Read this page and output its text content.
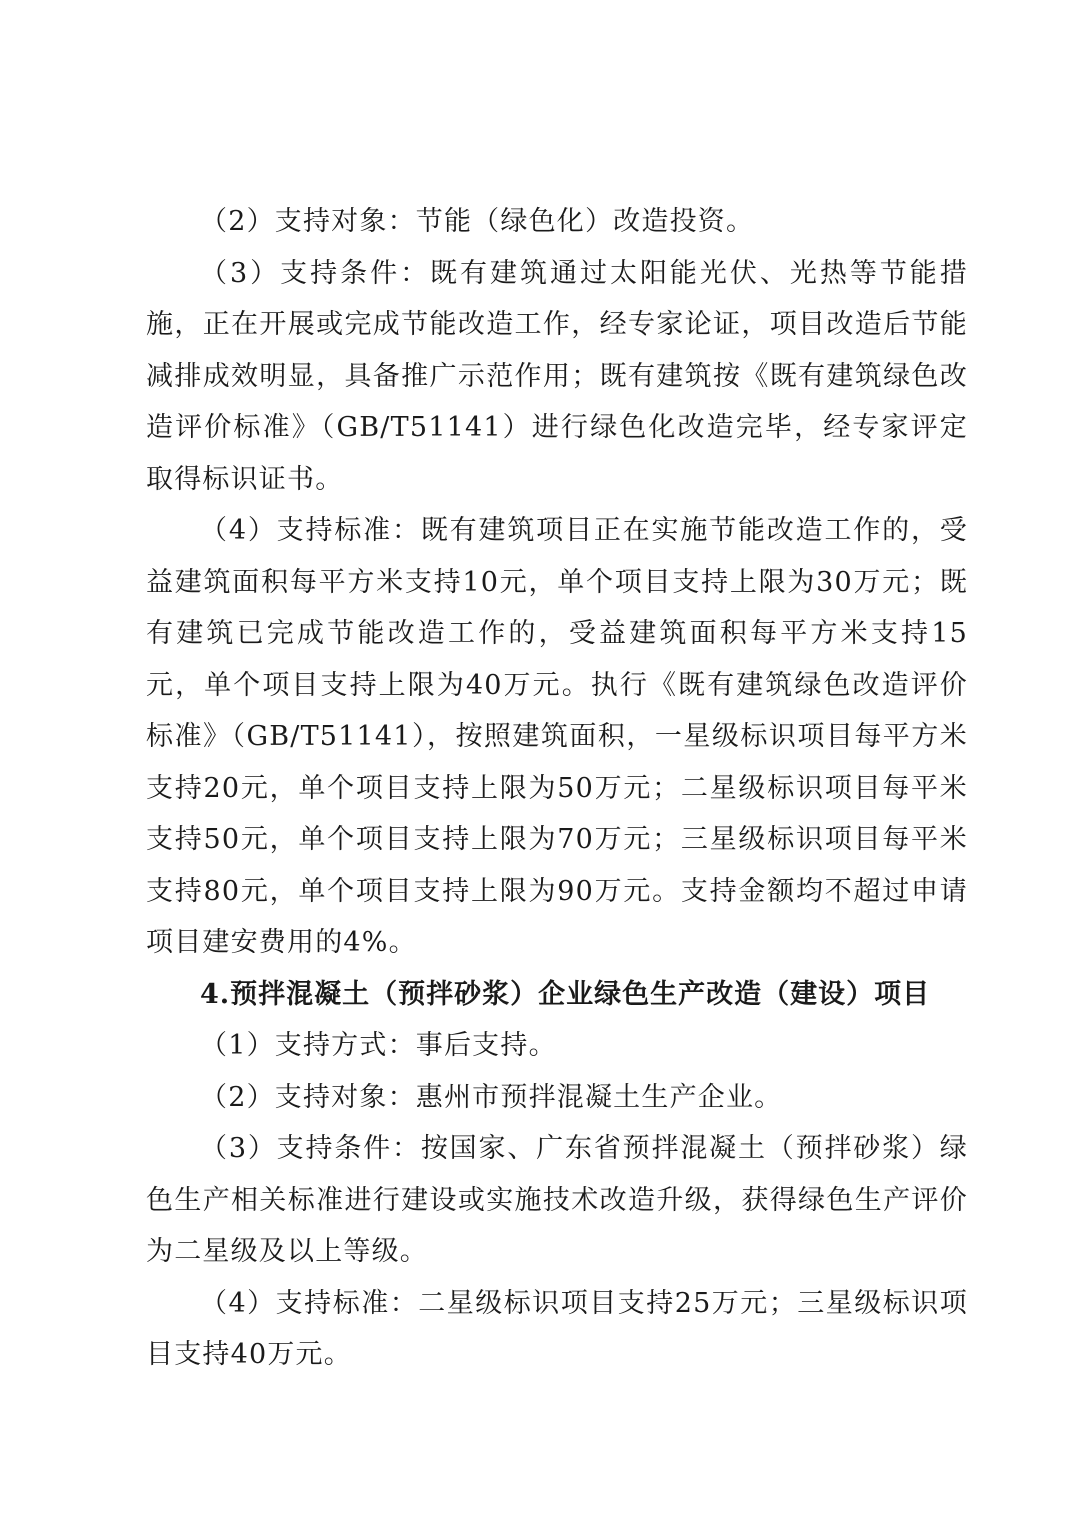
（2）支持对象：节能（绿色化）改造投资。

（3）支持条件：既有建筑通过太阳能光伏、光热等节能措施，正在开展或完成节能改造工作，经专家论证，项目改造后节能减排成效明显，具备推广示范作用；既有建筑按《既有建筑绿色改造评价标准》（GB/T51141）进行绿色化改造完毕，经专家评定取得标识证书。

（4）支持标准：既有建筑项目正在实施节能改造工作的，受益建筑面积每平方米支持10元，单个项目支持上限为30万元；既有建筑已完成节能改造工作的，受益建筑面积每平方米支持15元，单个项目支持上限为40万元。执行《既有建筑绿色改造评价标准》（GB/T51141），按照建筑面积，一星级标识项目每平方米支持20元，单个项目支持上限为50万元；二星级标识项目每平米支持50元，单个项目支持上限为70万元；三星级标识项目每平米支持80元，单个项目支持上限为90万元。支持金额均不超过申请项目建安费用的4%。

4.预拌混凝土（预拌砂浆）企业绿色生产改造（建设）项目

（1）支持方式：事后支持。

（2）支持对象：惠州市预拌混凝土生产企业。

（3）支持条件：按国家、广东省预拌混凝土（预拌砂浆）绿色生产相关标准进行建设或实施技术改造升级，获得绿色生产评价为二星级及以上等级。

（4）支持标准：二星级标识项目支持25万元；三星级标识项目支持40万元。
